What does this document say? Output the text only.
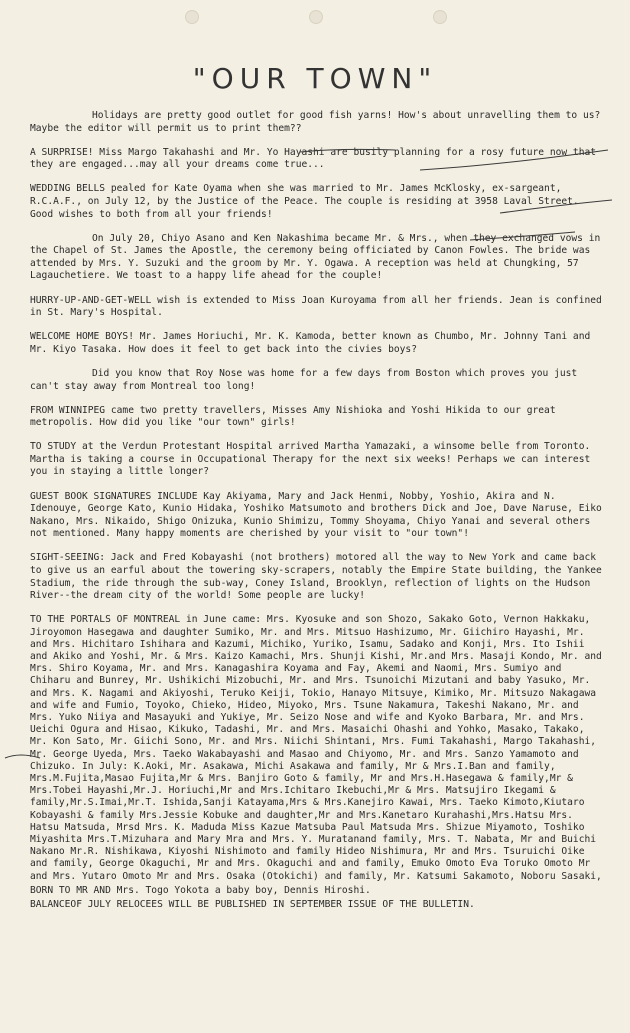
"OUR TOWN"

Holidays are pretty good outlet for good fish yarns! How's about unravelling them to us? Maybe the editor will permit us to print them??

A SURPRISE! Miss Margo Takahashi and Mr. Yo Hayashi are busily planning for a rosy future now that they are engaged...may all your dreams come true...

WEDDING BELLS pealed for Kate Oyama when she was married to Mr. James McKlosky, ex-sargeant, R.C.A.F., on July 12, by the Justice of the Peace. The couple is residing at 3958 Laval Street. Good wishes to both from all your friends!

On July 20, Chiyo Asano and Ken Nakashima became Mr. & Mrs., when they exchanged vows in the Chapel of St. James the Apostle, the ceremony being officiated by Canon Fowles. The bride was attended by Mrs. Y. Suzuki and the groom by Mr. Y. Ogawa. A reception was held at Chungking, 57 Lagauchetiere. We toast to a happy life ahead for the couple!

HURRY-UP-AND-GET-WELL wish is extended to Miss Joan Kuroyama from all her friends. Jean is confined in St. Mary's Hospital.

WELCOME HOME BOYS! Mr. James Horiuchi, Mr. K. Kamoda, better known as Chumbo, Mr. Johnny Tani and Mr. Kiyo Tasaka. How does it feel to get back into the civies boys?

Did you know that Roy Nose was home for a few days from Boston which proves you just can't stay away from Montreal too long!

FROM WINNIPEG came two pretty travellers, Misses Amy Nishioka and Yoshi Hikida to our great metropolis. How did you like "our town" girls!

TO STUDY at the Verdun Protestant Hospital arrived Martha Yamazaki, a winsome belle from Toronto. Martha is taking a course in Occupational Therapy for the next six weeks! Perhaps we can interest you in staying a little longer?

GUEST BOOK SIGNATURES INCLUDE Kay Akiyama, Mary and Jack Henmi, Nobby, Yoshio, Akira and N. Idenouye, George Kato, Kunio Hidaka, Yoshiko Matsumoto and brothers Dick and Joe, Dave Naruse, Eiko Nakano, Mrs. Nikaido, Shigo Onizuka, Kunio Shimizu, Tommy Shoyama, Chiyo Yanai and several others not mentioned. Many happy moments are cherished by your visit to "our town"!

SIGHT-SEEING: Jack and Fred Kobayashi (not brothers) motored all the way to New York and came back to give us an earful about the towering sky-scrapers, notably the Empire State building, the Yankee Stadium, the ride through the sub-way, Coney Island, Brooklyn, reflection of lights on the Hudson River--the dream city of the world! Some people are lucky!

TO THE PORTALS OF MONTREAL in June came: Mrs. Kyosuke and son Shozo, Sakako Goto, Vernon Hakkaku, Jiroyomon Hasegawa and daughter Sumiko, Mr. and Mrs. Mitsuo Hashizumo, Mr. Giichiro Hayashi, Mr. and Mrs. Hichitaro Ishihara and Kazumi, Michiko, Yuriko, Isamu, Sadako and Konji, Mrs. Ito Ishii and Akiko and Yoshi, Mr. & Mrs. Kaizo Kamachi, Mrs. Shunji Kishi, Mr.and Mrs. Masaji Kondo, Mr. and Mrs. Shiro Koyama, Mr. and Mrs. Kanagashira Koyama and Fay, Akemi and Naomi, Mrs. Sumiyo and Chiharu and Bunrey, Mr. Ushikichi Mizobuchi, Mr. and Mrs. Tsunoichi Mizutani and baby Yasuko, Mr. and Mrs. K. Nagami and Akiyoshi, Teruko Keiji, Tokio, Hanayo Mitsuye, Kimiko, Mr. Mitsuzo Nakagawa and wife and Fumio, Toyoko, Chieko, Hideo, Miyoko, Mrs. Tsune Nakamura, Takeshi Nakano, Mr. and Mrs. Yuko Niiya and Masayuki and Yukiye, Mr. Seizo Nose and wife and Kyoko Barbara, Mr. and Mrs. Ueichi Ogura and Hisao, Kikuko, Tadashi, Mr. and Mrs. Masaichi Ohashi and Yohko, Masako, Takako, Mr. Kon Sato, Mr. Giichi Sono, Mr. and Mrs. Niichi Shintani, Mrs. Fumi Takahashi, Margo Takahashi, Mr. George Uyeda, Mrs. Taeko Wakabayashi and Masao and Chiyomo, Mr. and Mrs. Sanzo Yamamoto and Chizuko. In July: K.Aoki, Mr. Asakawa, Michi Asakawa and family, Mr & Mrs.I.Ban and family, Mrs.M.Fujita,Masao Fujita,Mr & Mrs. Banjiro Goto & family, Mr and Mrs.H.Hasegawa & family,Mr & Mrs.Tobei Hayashi,Mr.J. Horiuchi,Mr and Mrs.Ichitaro Ikebuchi,Mr & Mrs. Matsujiro Ikegami & family,Mr.S.Imai,Mr.T. Ishida,Sanji Katayama,Mrs & Mrs.Kanejiro Kawai, Mrs. Taeko Kimoto,Kiutaro Kobayashi & family Mrs.Jessie Kobuke and daughter,Mr and Mrs.Kanetaro Kurahashi,Mrs.Hatsu Mrs. Hatsu Matsuda, Mrsd Mrs. K. Maduda Miss Kazue Matsuba Paul Matsuda Mrs. Shizue Miyamoto, Toshiko Miyashita Mrs.T.Mizuhara and Mary Mra and Mrs. Y. Muratanand family, Mrs. T. Nabata, Mr and Buichi Nakano Mr.R. Nishikawa, Kiyoshi Nishimoto and family Hideo Nishimura, Mr and Mrs. Tsuruichi Oike and family, George Okaguchi, Mr and Mrs. Okaguchi and and family, Emuko Omoto Eva Toruko Omoto Mr and Mrs. Yutaro Omoto Mr and Mrs. Osaka (Otokichi) and family, Mr. Katsumi Sakamoto, Noboru Sasaki,

BORN TO MR AND Mrs. Togo Yokota a baby boy, Dennis Hiroshi.

BALANCEOF JULY RELOCEES WILL BE PUBLISHED IN SEPTEMBER ISSUE OF THE BULLETIN.
